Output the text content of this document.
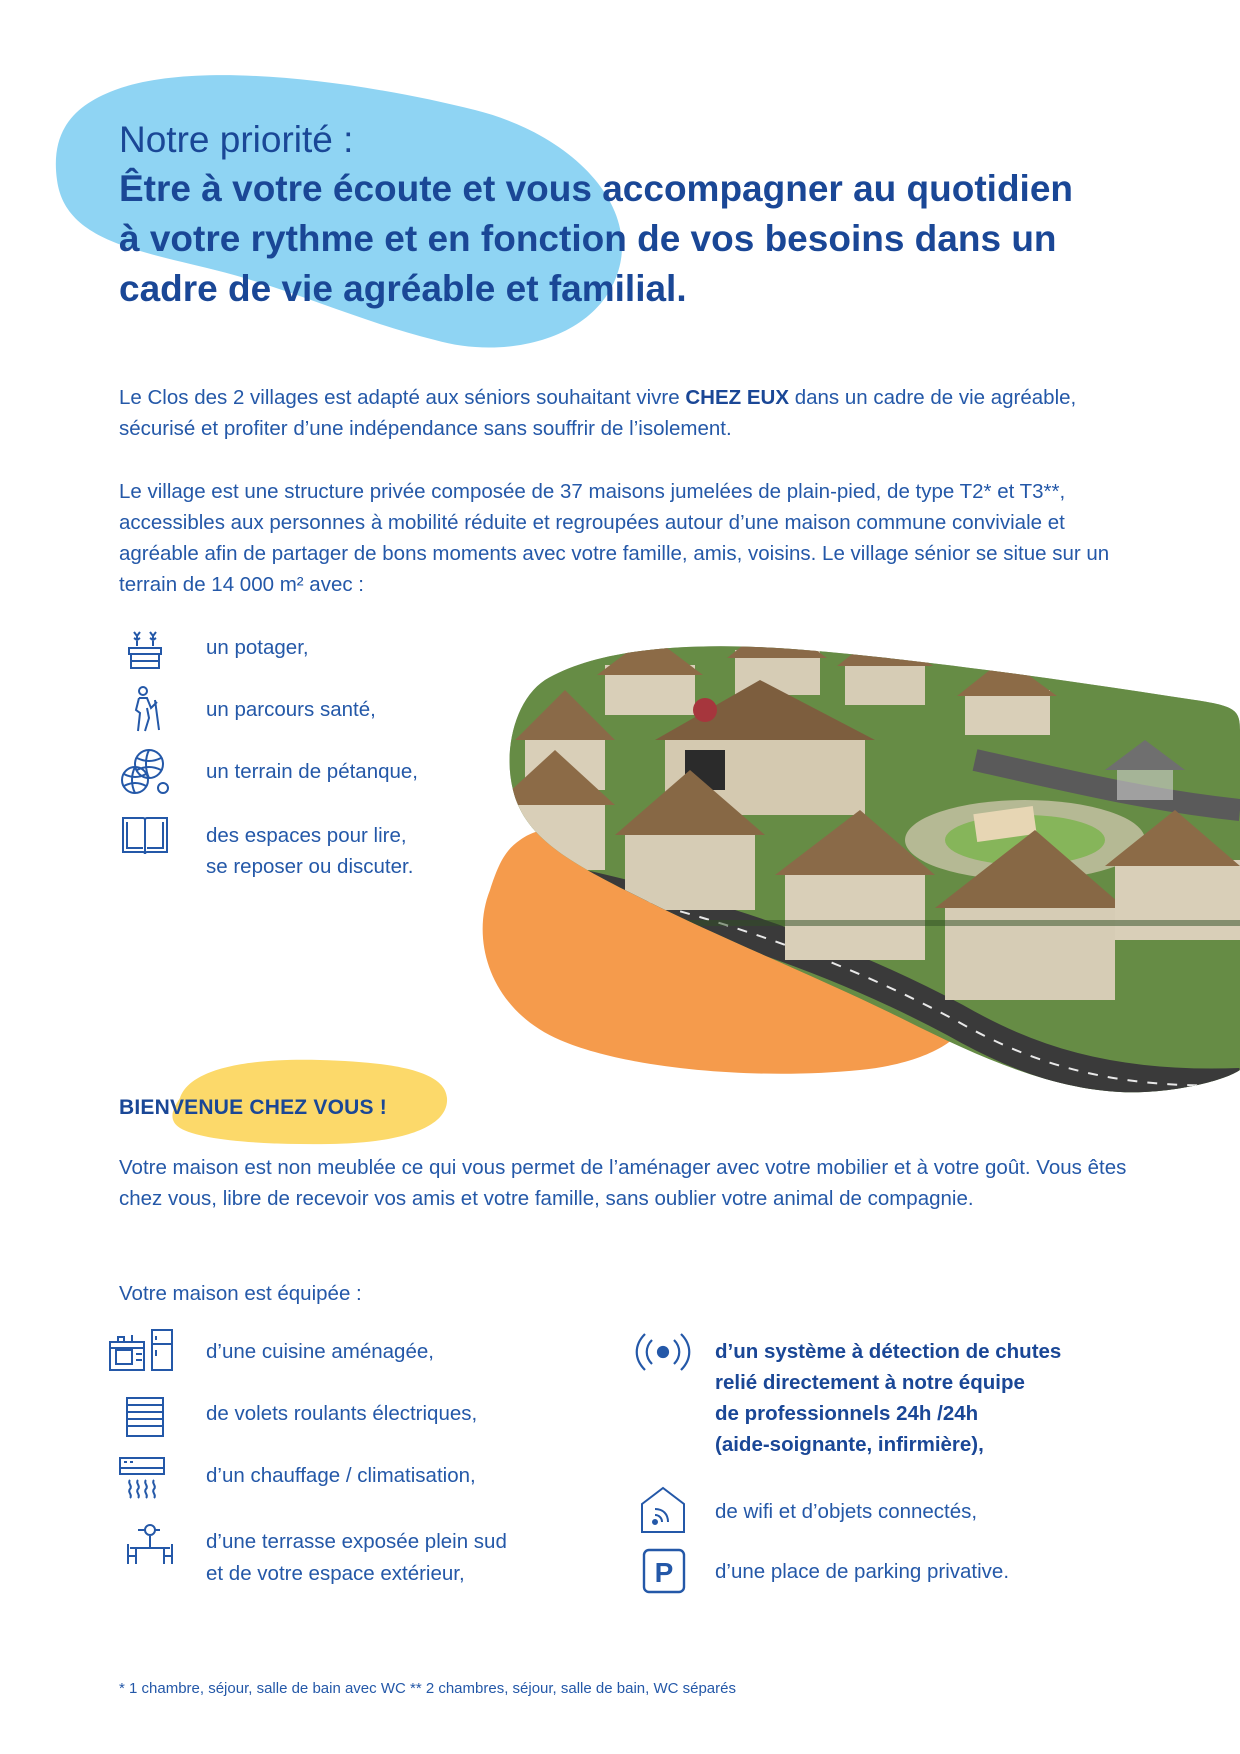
Notre priorité :
Être à votre écoute et vous accompagner au quotidien à votre rythme et en fonction de vos besoins dans un cadre de vie agréable et familial.
Le Clos des 2 villages est adapté aux séniors souhaitant vivre CHEZ EUX dans un cadre de vie agréable, sécurisé et profiter d’une indépendance sans souffrir de l’isolement.
Le village est une structure privée composée de 37 maisons jumelées de plain-pied, de type T2* et T3**, accessibles aux personnes à mobilité réduite et regroupées autour d’une maison commune conviviale et agréable afin de partager de bons moments avec votre famille, amis, voisins. Le village sénior se situe sur un terrain de 14 000 m² avec :
un potager,
un parcours santé,
un terrain de pétanque,
des espaces pour lire,
se reposer ou discuter.
BIENVENUE CHEZ VOUS !
Votre maison est non meublée ce qui vous permet de l’aménager avec votre mobilier et à votre goût. Vous êtes chez vous, libre de recevoir vos amis et votre famille, sans oublier votre animal de compagnie.
Votre maison est équipée :
d’une cuisine aménagée,
de volets roulants électriques,
d’un chauffage / climatisation,
d’une terrasse exposée plein sud
et de votre espace extérieur,
d’un système à détection de chutes
relié directement à notre équipe
de professionnels 24h /24h
(aide-soignante, infirmière),
de wifi et d’objets connectés,
P d’une place de parking privative.
* 1 chambre, séjour, salle de bain avec WC ** 2 chambres, séjour, salle de bain, WC séparés
